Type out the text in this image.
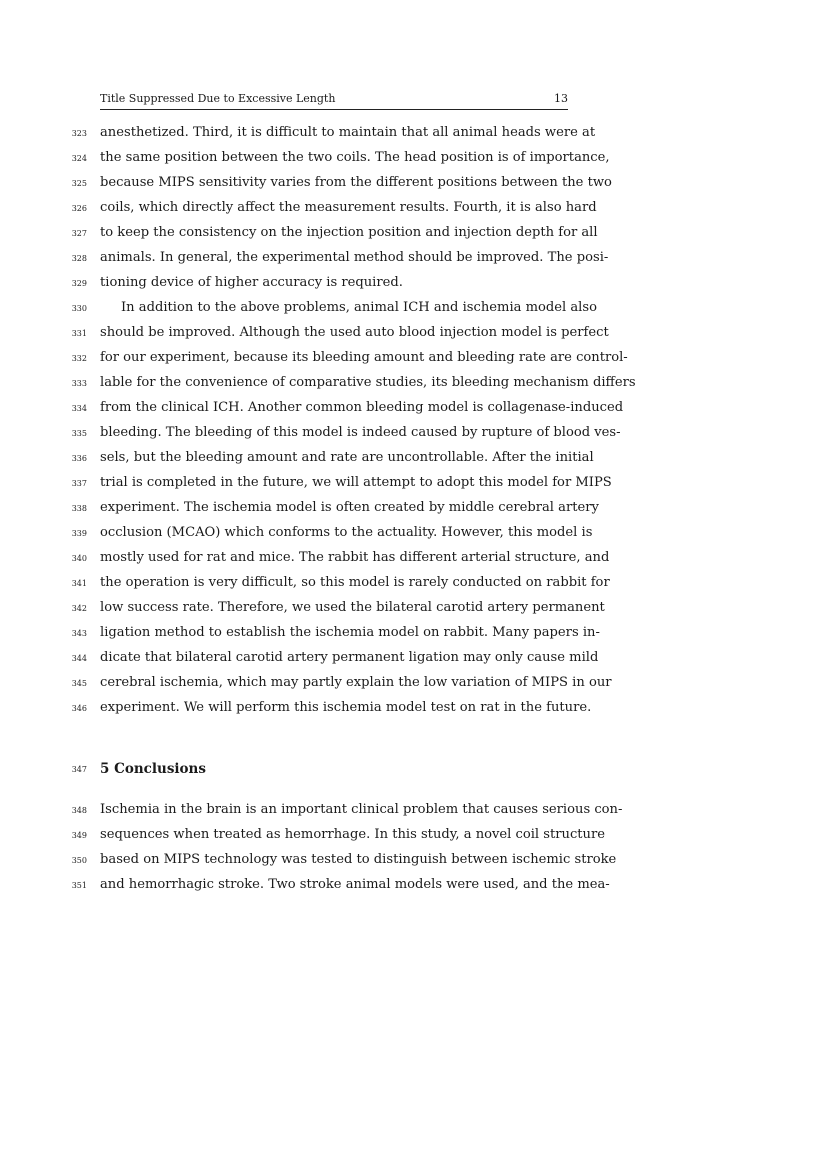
Title Suppressed Due to Excessive Length	13
323 anesthetized. Third, it is difficult to maintain that all animal heads were at
324 the same position between the two coils. The head position is of importance,
325 because MIPS sensitivity varies from the different positions between the two
326 coils, which directly affect the measurement results. Fourth, it is also hard
327 to keep the consistency on the injection position and injection depth for all
328 animals. In general, the experimental method should be improved. The posi-
329 tioning device of higher accuracy is required.
330	In addition to the above problems, animal ICH and ischemia model also
331 should be improved. Although the used auto blood injection model is perfect
332 for our experiment, because its bleeding amount and bleeding rate are control-
333 lable for the convenience of comparative studies, its bleeding mechanism differs
334 from the clinical ICH. Another common bleeding model is collagenase-induced
335 bleeding. The bleeding of this model is indeed caused by rupture of blood ves-
336 sels, but the bleeding amount and rate are uncontrollable. After the initial
337 trial is completed in the future, we will attempt to adopt this model for MIPS
338 experiment. The ischemia model is often created by middle cerebral artery
339 occlusion (MCAO) which conforms to the actuality. However, this model is
340 mostly used for rat and mice. The rabbit has different arterial structure, and
341 the operation is very difficult, so this model is rarely conducted on rabbit for
342 low success rate. Therefore, we used the bilateral carotid artery permanent
343 ligation method to establish the ischemia model on rabbit. Many papers in-
344 dicate that bilateral carotid artery permanent ligation may only cause mild
345 cerebral ischemia, which may partly explain the low variation of MIPS in our
346 experiment. We will perform this ischemia model test on rat in the future.
347 5 Conclusions
348 Ischemia in the brain is an important clinical problem that causes serious con-
349 sequences when treated as hemorrhage. In this study, a novel coil structure
350 based on MIPS technology was tested to distinguish between ischemic stroke
351 and hemorrhagic stroke. Two stroke animal models were used, and the mea-
